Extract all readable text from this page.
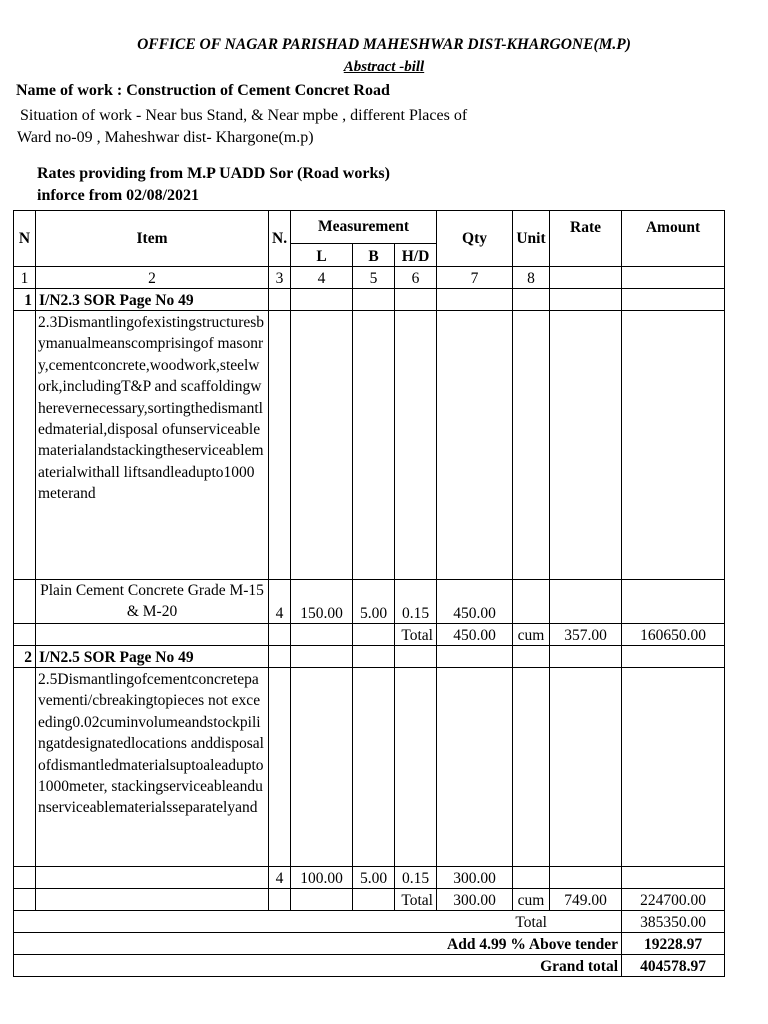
OFFICE OF NAGAR PARISHAD MAHESHWAR DIST-KHARGONE(M.P)
Abstract -bill
Name of work : Construction of Cement Concret Road
Situation of work - Near bus Stand, & Near mpbe , different Places of
Ward no-09 , Maheshwar dist- Khargone(m.p)
Rates providing from M.P UADD Sor (Road works)
inforce from 02/08/2021
N	Item	N.	Measurement			Qty	Unit	Rate	Amount
			L	B	H/D				
1	2	3	4	5	6	7	8		
1	I/N2.3 SOR Page No 49								

	2.3Dismantlingofexistingstructuresbymanualmeanscomprisingof masonry,cementconcrete,woodwork,steelwork,includingT&P and scaffoldingwherevernecessary,sortingthedismantledmaterial,disposal ofunserviceablematerialandstackingtheserviceablematerialwithall liftsandleadupto1000meterand								

	Plain Cement Concrete Grade M-15 & M-20	4	150.00	5.00	0.15	450.00			
					Total	450.00	cum	357.00	160650.00
2	I/N2.5 SOR Page No 49								

	2.5Dismantlingofcementconcretepavementi/cbreakingtopieces not exceeding0.02cuminvolumeandstockpilingatdesignatedlocations anddisposalofdismantledmaterialsuptoaleadupto1000meter, stackingserviceableandunserviceablematerialsseparatelyand								

		4	100.00	5.00	0.15	300.00			
					Total	300.00	cum	749.00	224700.00
Total									385350.00
Add 4.99 % Above tender									19228.97
Grand total									404578.97
